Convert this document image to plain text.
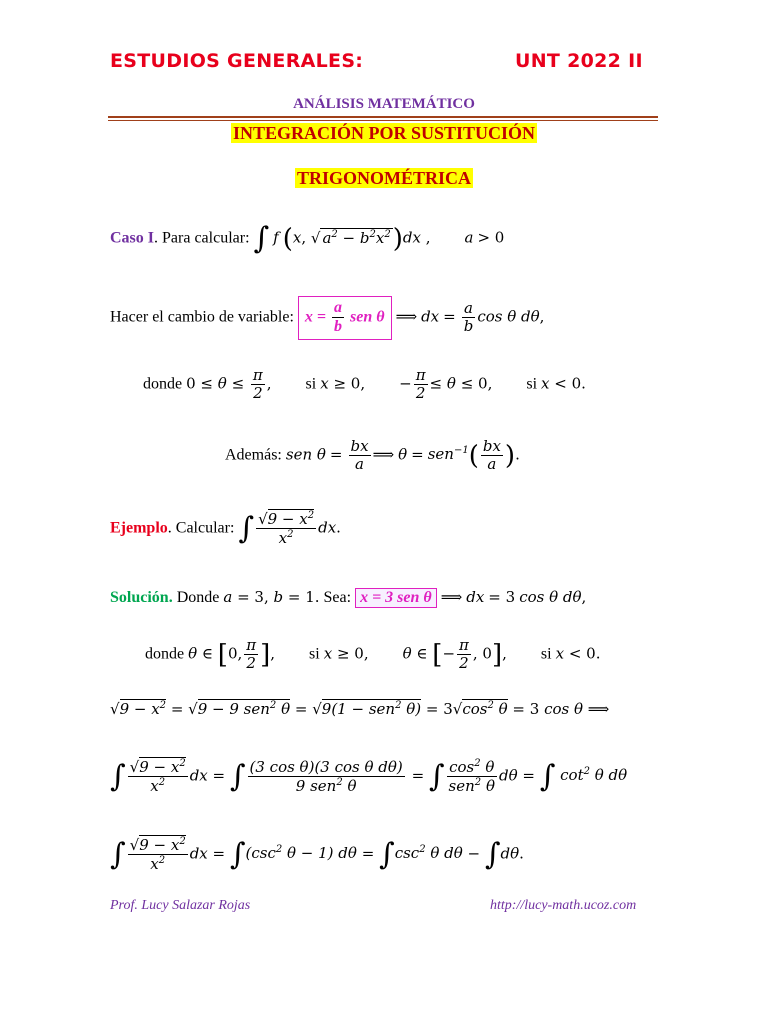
ESTUDIOS GENERALES:	UNT 2022 II
ANÁLISIS MATEMÁTICO
INTEGRACIÓN POR SUSTITUCIÓN
TRIGONOMÉTRICA
Caso I. Para calcular: ∫ f (x, √ $a^2 - b^2x^2)dx$ , a > 0
Hacer el cambio de variable: $x = \frac{a}{b}$ sen θ ⟹ dx = $\frac{a}{b}$ cos θ dθ,
donde $0 \le \theta \le \frac{\pi}{2}$ , si x ≥ 0, − $\frac{\pi}{2} \le \theta \le 0$, si x < 0.
Además: sen $\theta = \frac{bx}{a}$ ⟹ $\theta = sen^{-1}( \frac{bx}{a}$ ).
Ejemplo. Calcular: ∫ $\frac{√9 - x^2}{x^2}$ dx.
Solución. Donde a = 3, b = 1. Sea: x = 3 sen θ ⟹ dx = 3 cos θ dθ,
donde θ ∈ [0, $\frac{\pi}{2}$ ], si x ≥ 0, θ ∈ [− $\frac{\pi}{2}$ , 0], si x < 0.
$√9 - x^2 = √9 - 9$ sen$^2$ θ = √9(1 − sen$^2$ $\theta) = 3√\cos^2$ θ = 3 cos θ ⟹
∫ $\frac{√9 - x^2}{x^2}$ dx = ∫ $\frac{\text{(3 cos θ)(3 cos θ dθ)}}{9 sen^2 \theta}$ = ∫ $\frac{\cos^2 \theta}{sen^2 \theta}$ dθ = ∫ $\cot^2 \theta$ dθ
∫ $\frac{√9 - x^2}{x^2}$ dx = $\int(\csc^2$ θ − 1) $d\theta = \int\csc^2$ θ dθ − ∫dθ.
Prof. Lucy Salazar Rojas	http://lucy-math.ucoz.com
